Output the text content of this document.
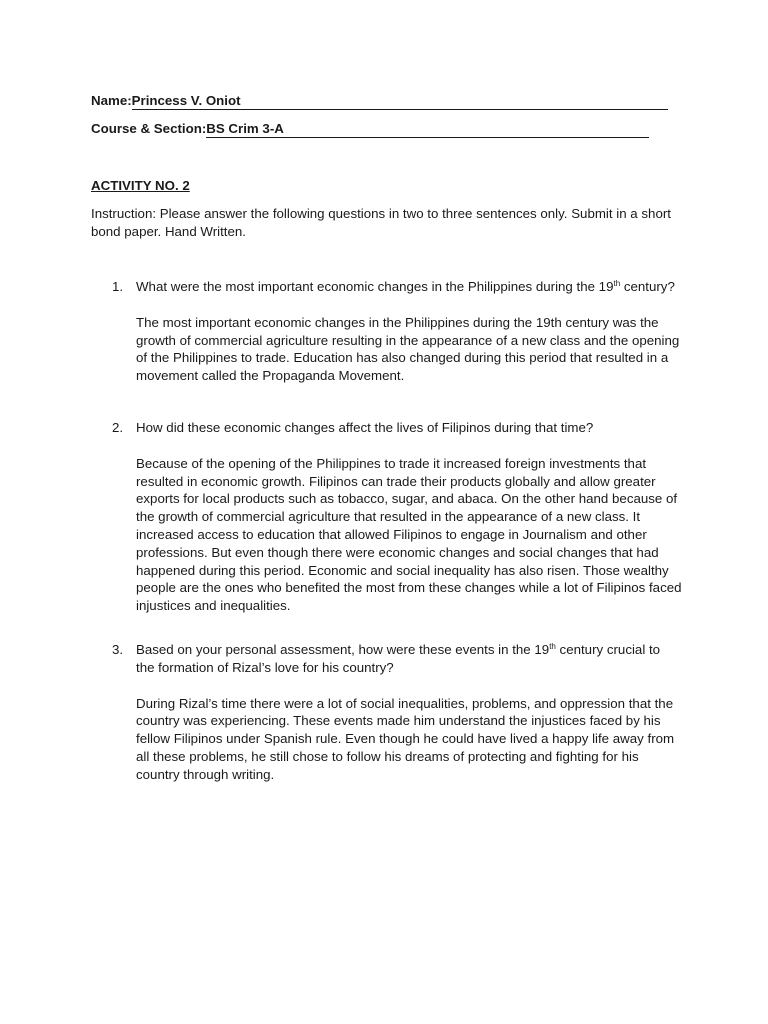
Name:Princess V. Oniot
Course & Section:BS Crim 3-A
ACTIVITY NO. 2
Instruction: Please answer the following questions in two to three sentences only. Submit in a short bond paper. Hand Written.
1. What were the most important economic changes in the Philippines during the 19th century?
The most important economic changes in the Philippines during the 19th century was the growth of commercial agriculture resulting in the appearance of a new class and the opening of the Philippines to trade. Education has also changed during this period that resulted in a movement called the Propaganda Movement.
2. How did these economic changes affect the lives of Filipinos during that time?
Because of the opening of the Philippines to trade it increased foreign investments that resulted in economic growth. Filipinos can trade their products globally and allow greater exports for local products such as tobacco, sugar, and abaca. On the other hand because of the growth of commercial agriculture that resulted in the appearance of a new class. It increased access to education that allowed Filipinos to engage in Journalism and other professions. But even though there were economic changes and social changes that had happened during this period. Economic and social inequality has also risen. Those wealthy people are the ones who benefited the most from these changes while a lot of Filipinos faced injustices and inequalities.
3. Based on your personal assessment, how were these events in the 19th century crucial to the formation of Rizal’s love for his country?
During Rizal’s time there were a lot of social inequalities, problems, and oppression that the country was experiencing. These events made him understand the injustices faced by his fellow Filipinos under Spanish rule. Even though he could have lived a happy life away from all these problems, he still chose to follow his dreams of protecting and fighting for his country through writing.
